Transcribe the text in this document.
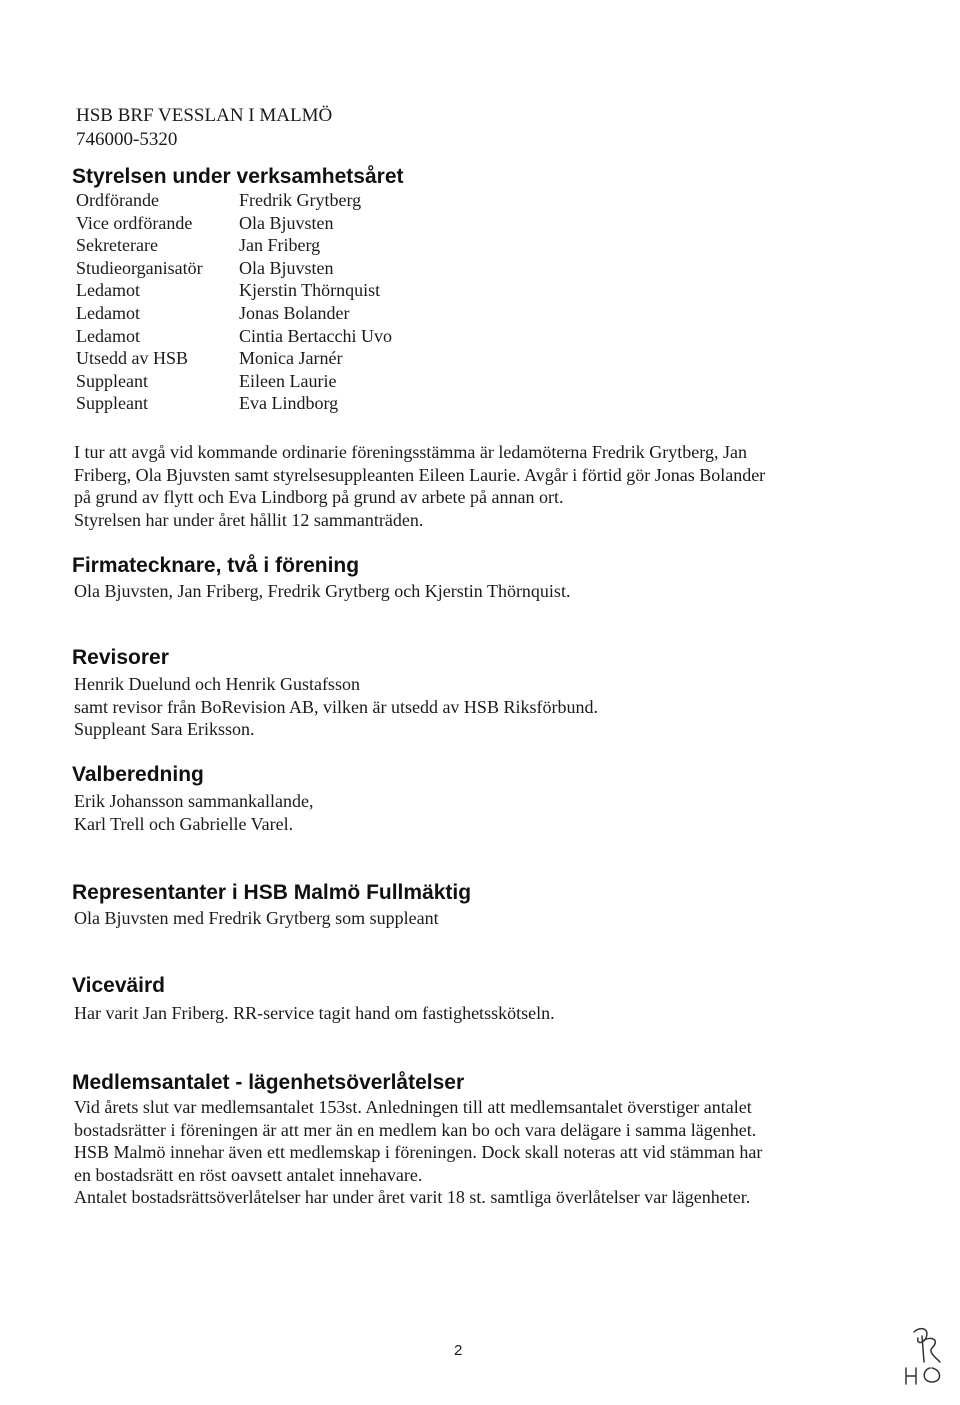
HSB BRF VESSLAN I MALMÖ
746000-5320
Styrelsen under verksamhetsåret
Ordförande	Fredrik Grytberg
Vice ordförande	Ola Bjuvsten
Sekreterare	Jan Friberg
Studieorganisatör	Ola Bjuvsten
Ledamot	Kjerstin Thörnquist
Ledamot	Jonas Bolander
Ledamot	Cintia Bertacchi Uvo
Utsedd av HSB	Monica Jarnér
Suppleant	Eileen Laurie
Suppleant	Eva Lindborg

I tur att avgå vid kommande ordinarie föreningsstämma är ledamöterna Fredrik Grytberg, Jan

Friberg, Ola Bjuvsten samt styrelsesuppleanten Eileen Laurie. Avgår i förtid gör Jonas Bolander

på grund av flytt och Eva Lindborg på grund av arbete på annan ort.

Styrelsen har under året hållit 12 sammanträden.

Firmatecknare, två i förening

Ola Bjuvsten, Jan Friberg, Fredrik Grytberg och Kjerstin Thörnquist.

Revisorer

Henrik Duelund och Henrik Gustafsson

samt revisor från BoRevision AB, vilken är utsedd av HSB Riksförbund.

Suppleant Sara Eriksson.

Valberedning

Erik Johansson sammankallande,

Karl Trell och Gabrielle Varel.

Representanter i HSB Malmö Fullmäktig

Ola Bjuvsten med Fredrik Grytberg som suppleant

Viceväird

Har varit Jan Friberg. RR-service tagit hand om fastighetsskötseln.

Medlemsantalet - lägenhetsöverlåtelser

Vid årets slut var medlemsantalet 153st. Anledningen till att medlemsantalet överstiger antalet

bostadsrätter i föreningen är att mer än en medlem kan bo och vara delägare i samma lägenhet.

HSB Malmö innehar även ett medlemskap i föreningen. Dock skall noteras att vid stämman har

en bostadsrätt en röst oavsett antalet innehavare.

Antalet bostadsrättsöverlåtelser har under året varit 18 st. samtliga överlåtelser var lägenheter.

2
